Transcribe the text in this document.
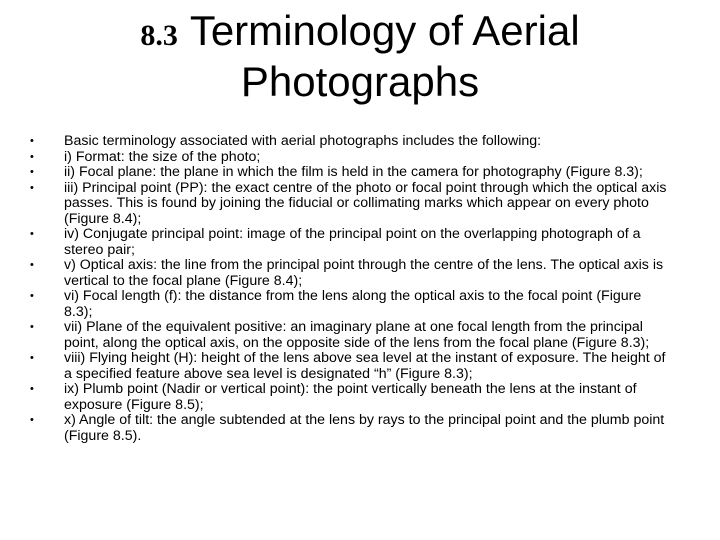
8.3 Terminology of Aerial
Photographs
•	Basic terminology associated with aerial photographs includes the following:
•	i) Format: the size of the photo;
•	ii) Focal plane: the plane in which the film is held in the camera for photography (Figure 8.3);
•	iii) Principal point (PP): the exact centre of the photo or focal point through which the optical axis passes. This is found by joining the fiducial or collimating marks which appear on every photo (Figure 8.4);
•	iv) Conjugate principal point: image of the principal point on the overlapping photograph of a stereo pair;
•	v) Optical axis: the line from the principal point through the centre of the lens. The optical axis is vertical to the focal plane (Figure 8.4);
•	vi) Focal length (f): the distance from the lens along the optical axis to the focal point (Figure 8.3);
•	vii) Plane of the equivalent positive: an imaginary plane at one focal length from the principal point, along the optical axis, on the opposite side of the lens from the focal plane (Figure 8.3);
•	viii) Flying height (H): height of the lens above sea level at the instant of exposure. The height of a specified feature above sea level is designated “h” (Figure 8.3);
•	ix) Plumb point (Nadir or vertical point): the point vertically beneath the lens at the instant of exposure (Figure 8.5);
•	x) Angle of tilt: the angle subtended at the lens by rays to the principal point and the plumb point (Figure 8.5).
